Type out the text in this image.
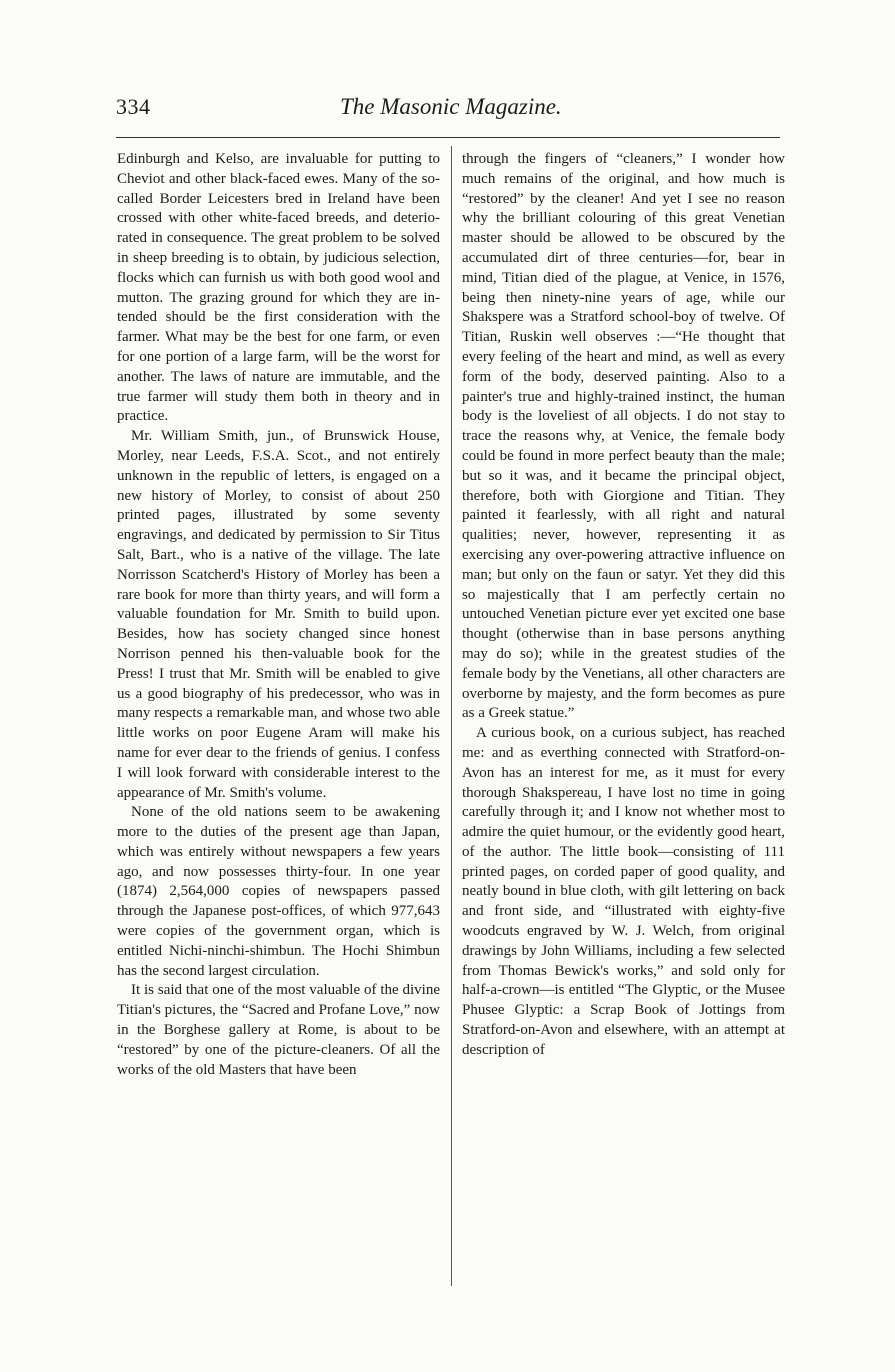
334	The Masonic Magazine.

Edinburgh and Kelso, are invaluable for putting to Cheviot and other black-faced ewes. Many of the so-called Border Leicesters bred in Ireland have been crossed with other white-faced breeds, and deteriorated in consequence. The great problem to be solved in sheep breeding is to obtain, by judicious selection, flocks which can furnish us with both good wool and mutton. The grazing ground for which they are intended should be the first consideration with the farmer. What may be the best for one farm, or even for one portion of a large farm, will be the worst for another. The laws of nature are immutable, and the true farmer will study them both in theory and in practice.

Mr. William Smith, jun., of Brunswick House, Morley, near Leeds, F.S.A. Scot., and not entirely unknown in the republic of letters, is engaged on a new history of Morley, to consist of about 250 printed pages, illustrated by some seventy engravings, and dedicated by permission to Sir Titus Salt, Bart., who is a native of the village. The late Norrisson Scatcherd's History of Morley has been a rare book for more than thirty years, and will form a valuable foundation for Mr. Smith to build upon. Besides, how has society changed since honest Norrison penned his then-valuable book for the Press! I trust that Mr. Smith will be enabled to give us a good biography of his predecessor, who was in many respects a remarkable man, and whose two able little works on poor Eugene Aram will make his name for ever dear to the friends of genius. I confess I will look forward with considerable interest to the appearance of Mr. Smith's volume.

None of the old nations seem to be awakening more to the duties of the present age than Japan, which was entirely without newspapers a few years ago, and now possesses thirty-four. In one year (1874) 2,564,000 copies of newspapers passed through the Japanese post-offices, of which 977,643 were copies of the government organ, which is entitled Nichi-ninchi-shimbun. The Hochi Shimbun has the second largest circulation.

It is said that one of the most valuable of the divine Titian's pictures, the “Sacred and Profane Love,” now in the Borghese gallery at Rome, is about to be “restored” by one of the picture-cleaners. Of all the works of the old Masters that have been

through the fingers of “cleaners,” I wonder how much remains of the original, and how much is “restored” by the cleaner! And yet I see no reason why the brilliant colouring of this great Venetian master should be allowed to be obscured by the accumulated dirt of three centuries—for, bear in mind, Titian died of the plague, at Venice, in 1576, being then ninety-nine years of age, while our Shakspere was a Stratford school-boy of twelve. Of Titian, Ruskin well observes :—“He thought that every feeling of the heart and mind, as well as every form of the body, deserved painting. Also to a painter's true and highly-trained instinct, the human body is the loveliest of all objects. I do not stay to trace the reasons why, at Venice, the female body could be found in more perfect beauty than the male; but so it was, and it became the principal object, therefore, both with Giorgione and Titian. They painted it fearlessly, with all right and natural qualities; never, however, representing it as exercising any over-powering attractive influence on man; but only on the faun or satyr. Yet they did this so majestically that I am perfectly certain no untouched Venetian picture ever yet excited one base thought (otherwise than in base persons anything may do so); while in the greatest studies of the female body by the Venetians, all other characters are overborne by majesty, and the form becomes as pure as a Greek statue.”

A curious book, on a curious subject, has reached me: and as everthing connected with Stratford-on-Avon has an interest for me, as it must for every thorough Shakspereau, I have lost no time in going carefully through it; and I know not whether most to admire the quiet humour, or the evidently good heart, of the author. The little book—consisting of 111 printed pages, on corded paper of good quality, and neatly bound in blue cloth, with gilt lettering on back and front side, and “illustrated with eighty-five woodcuts engraved by W. J. Welch, from original drawings by John Williams, including a few selected from Thomas Bewick's works,” and sold only for half-a-crown—is entitled “The Glyptic, or the Musee Phusee Glyptic: a Scrap Book of Jottings from Stratford-on-Avon and elsewhere, with an attempt at description of
